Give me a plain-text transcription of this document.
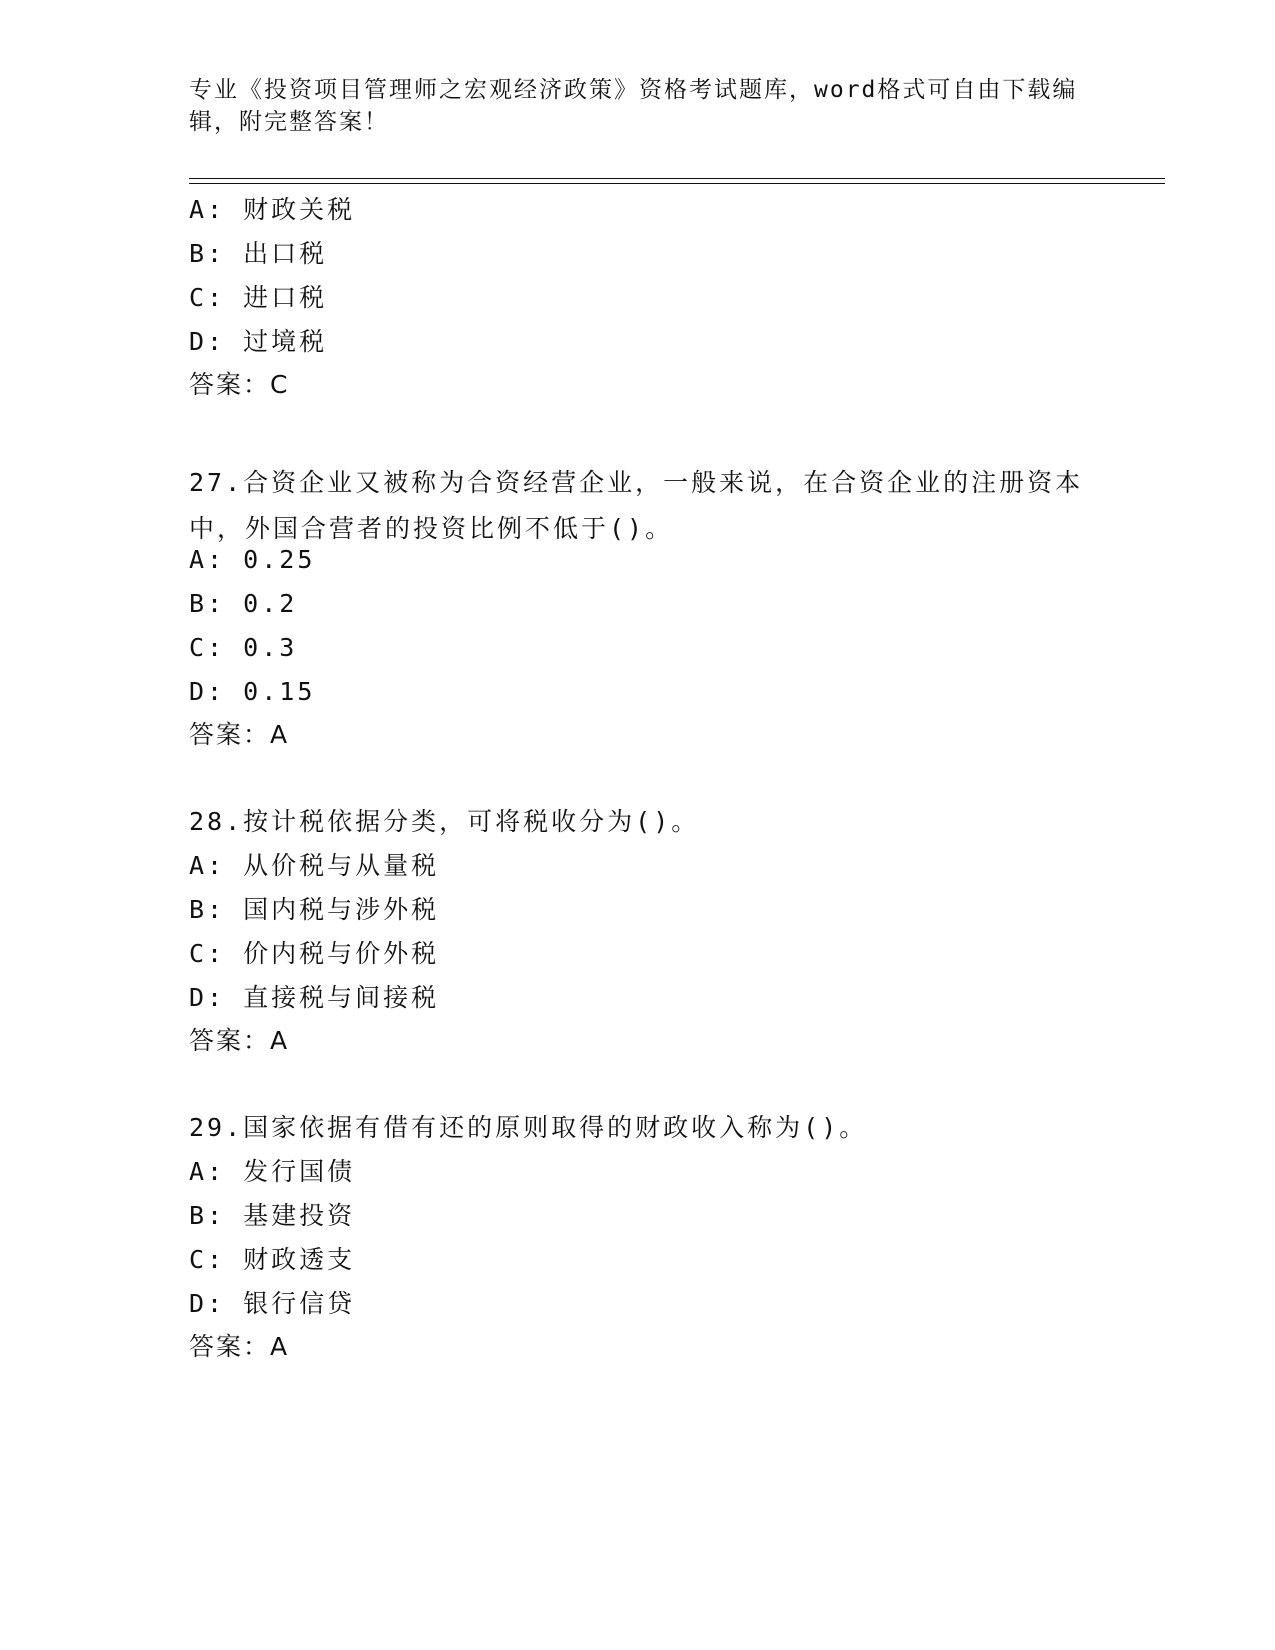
专业《投资项目管理师之宏观经济政策》资格考试题库，word格式可自由下载编辑，附完整答案！
A: 财政关税
B: 出口税
C: 进口税
D: 过境税
答案：C
27.合资企业又被称为合资经营企业，一般来说，在合资企业的注册资本中，外国合营者的投资比例不低于()。
A: 0.25
B: 0.2
C: 0.3
D: 0.15
答案：A
28.按计税依据分类，可将税收分为()。
A: 从价税与从量税
B: 国内税与涉外税
C: 价内税与价外税
D: 直接税与间接税
答案：A
29.国家依据有借有还的原则取得的财政收入称为()。
A: 发行国债
B: 基建投资
C: 财政透支
D: 银行信贷
答案：A
